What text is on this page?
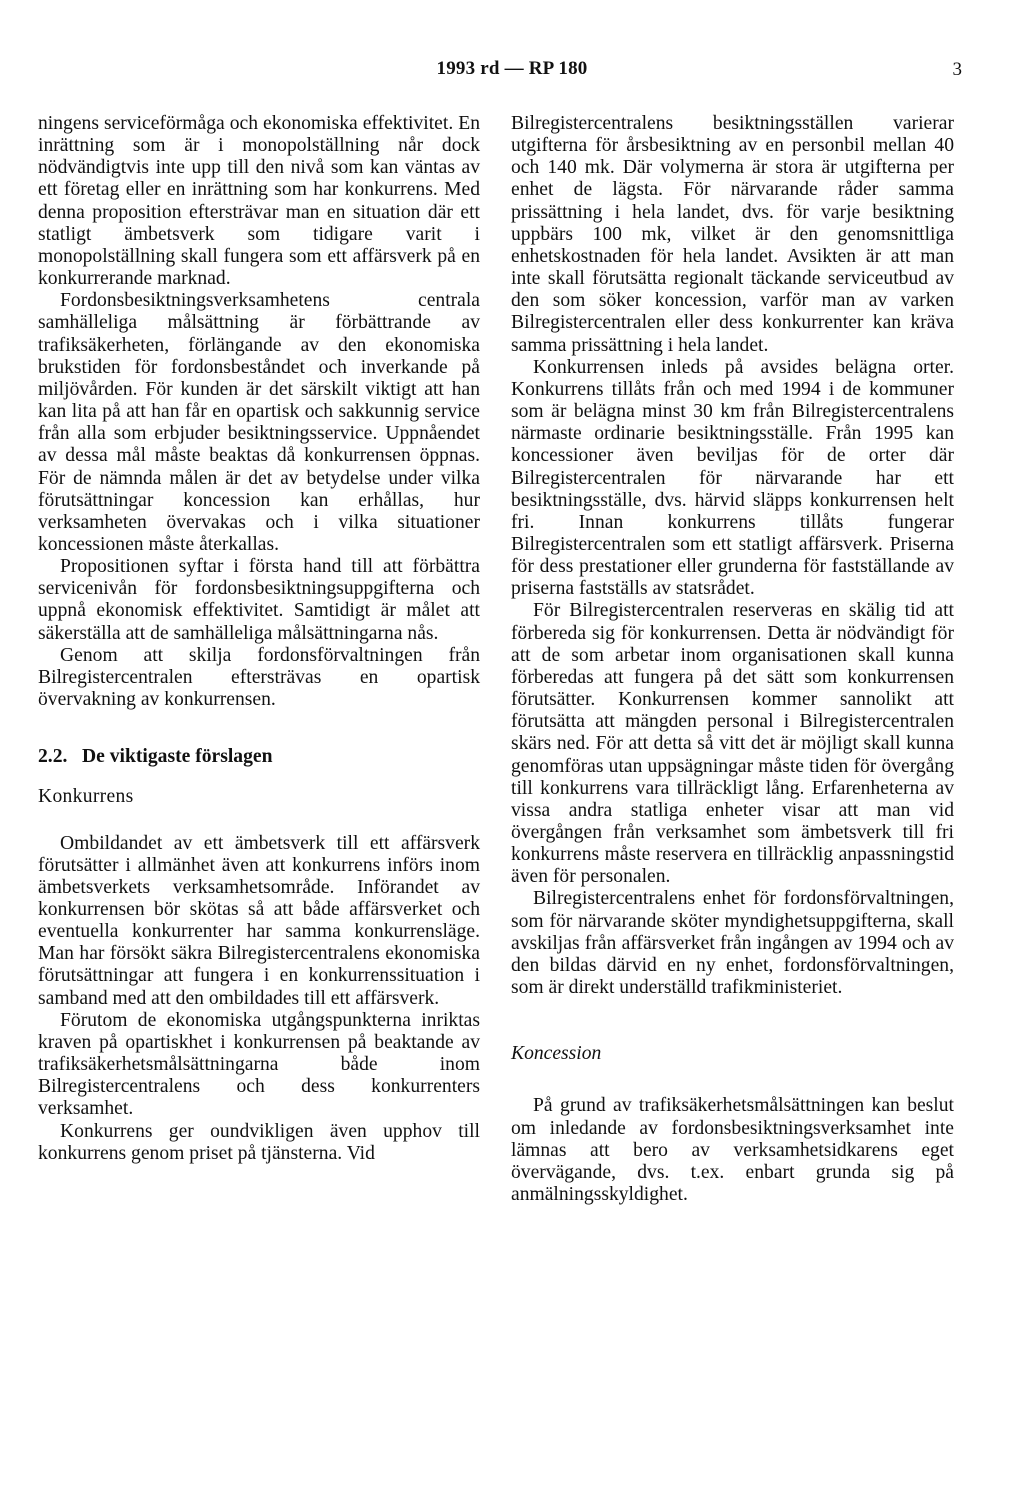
1993 rd — RP 180	3

ningens serviceförmåga och ekonomiska effektivitet. En inrättning som är i monopolställning når dock nödvändigtvis inte upp till den nivå som kan väntas av ett företag eller en inrättning som har konkurrens. Med denna proposition eftersträvar man en situation där ett statligt ämbetsverk som tidigare varit i monopolställning skall fungera som ett affärsverk på en konkurrerande marknad.

Fordonsbesiktningsverksamhetens centrala samhälleliga målsättning är förbättrande av trafiksäkerheten, förlängande av den ekonomiska brukstiden för fordonsbeståndet och inverkande på miljövården. För kunden är det särskilt viktigt att han kan lita på att han får en opartisk och sakkunnig service från alla som erbjuder besiktningsservice. Uppnåendet av dessa mål måste beaktas då konkurrensen öppnas. För de nämnda målen är det av betydelse under vilka förutsättningar koncession kan erhållas, hur verksamheten övervakas och i vilka situationer koncessionen måste återkallas.

Propositionen syftar i första hand till att förbättra servicenivån för fordonsbesiktningsuppgifterna och uppnå ekonomisk effektivitet. Samtidigt är målet att säkerställa att de samhälleliga målsättningarna nås.

Genom att skilja fordonsförvaltningen från Bilregistercentralen eftersträvas en opartisk övervakning av konkurrensen.

2.2. De viktigaste förslagen
Konkurrens

Ombildandet av ett ämbetsverk till ett affärsverk förutsätter i allmänhet även att konkurrens införs inom ämbetsverkets verksamhetsområde. Införandet av konkurrensen bör skötas så att både affärsverket och eventuella konkurrenter har samma konkurrensläge. Man har försökt säkra Bilregistercentralens ekonomiska förutsättningar att fungera i en konkurrenssituation i samband med att den ombildades till ett affärsverk.

Förutom de ekonomiska utgångspunkterna inriktas kraven på opartiskhet i konkurrensen på beaktande av trafiksäkerhetsmålsättningarna både inom Bilregistercentralens och dess konkurrenters verksamhet.

Konkurrens ger oundvikligen även upphov till konkurrens genom priset på tjänsterna. Vid

Bilregistercentralens besiktningsställen varierar utgifterna för årsbesiktning av en personbil mellan 40 och 140 mk. Där volymerna är stora är utgifterna per enhet de lägsta. För närvarande råder samma prissättning i hela landet, dvs. för varje besiktning uppbärs 100 mk, vilket är den genomsnittliga enhetskostnaden för hela landet. Avsikten är att man inte skall förutsätta regionalt täckande serviceutbud av den som söker koncession, varför man av varken Bilregistercentralen eller dess konkurrenter kan kräva samma prissättning i hela landet.

Konkurrensen inleds på avsides belägna orter. Konkurrens tillåts från och med 1994 i de kommuner som är belägna minst 30 km från Bilregistercentralens närmaste ordinarie besiktningsställe. Från 1995 kan koncessioner även beviljas för de orter där Bilregistercentralen för närvarande har ett besiktningsställe, dvs. härvid släpps konkurrensen helt fri. Innan konkurrens tillåts fungerar Bilregistercentralen som ett statligt affärsverk. Priserna för dess prestationer eller grunderna för fastställande av priserna fastställs av statsrådet.

För Bilregistercentralen reserveras en skälig tid att förbereda sig för konkurrensen. Detta är nödvändigt för att de som arbetar inom organisationen skall kunna förberedas att fungera på det sätt som konkurrensen förutsätter. Konkurrensen kommer sannolikt att förutsätta att mängden personal i Bilregistercentralen skärs ned. För att detta så vitt det är möjligt skall kunna genomföras utan uppsägningar måste tiden för övergång till konkurrens vara tillräckligt lång. Erfarenheterna av vissa andra statliga enheter visar att man vid övergången från verksamhet som ämbetsverk till fri konkurrens måste reservera en tillräcklig anpassningstid även för personalen.

Bilregistercentralens enhet för fordonsförvaltningen, som för närvarande sköter myndighetsuppgifterna, skall avskiljas från affärsverket från ingången av 1994 och av den bildas därvid en ny enhet, fordonsförvaltningen, som är direkt underställd trafikministeriet.

Koncession

På grund av trafiksäkerhetsmålsättningen kan beslut om inledande av fordonsbesiktningsverksamhet inte lämnas att bero av verksamhetsidkarens eget övervägande, dvs. t.ex. enbart grunda sig på anmälningsskyldighet.
